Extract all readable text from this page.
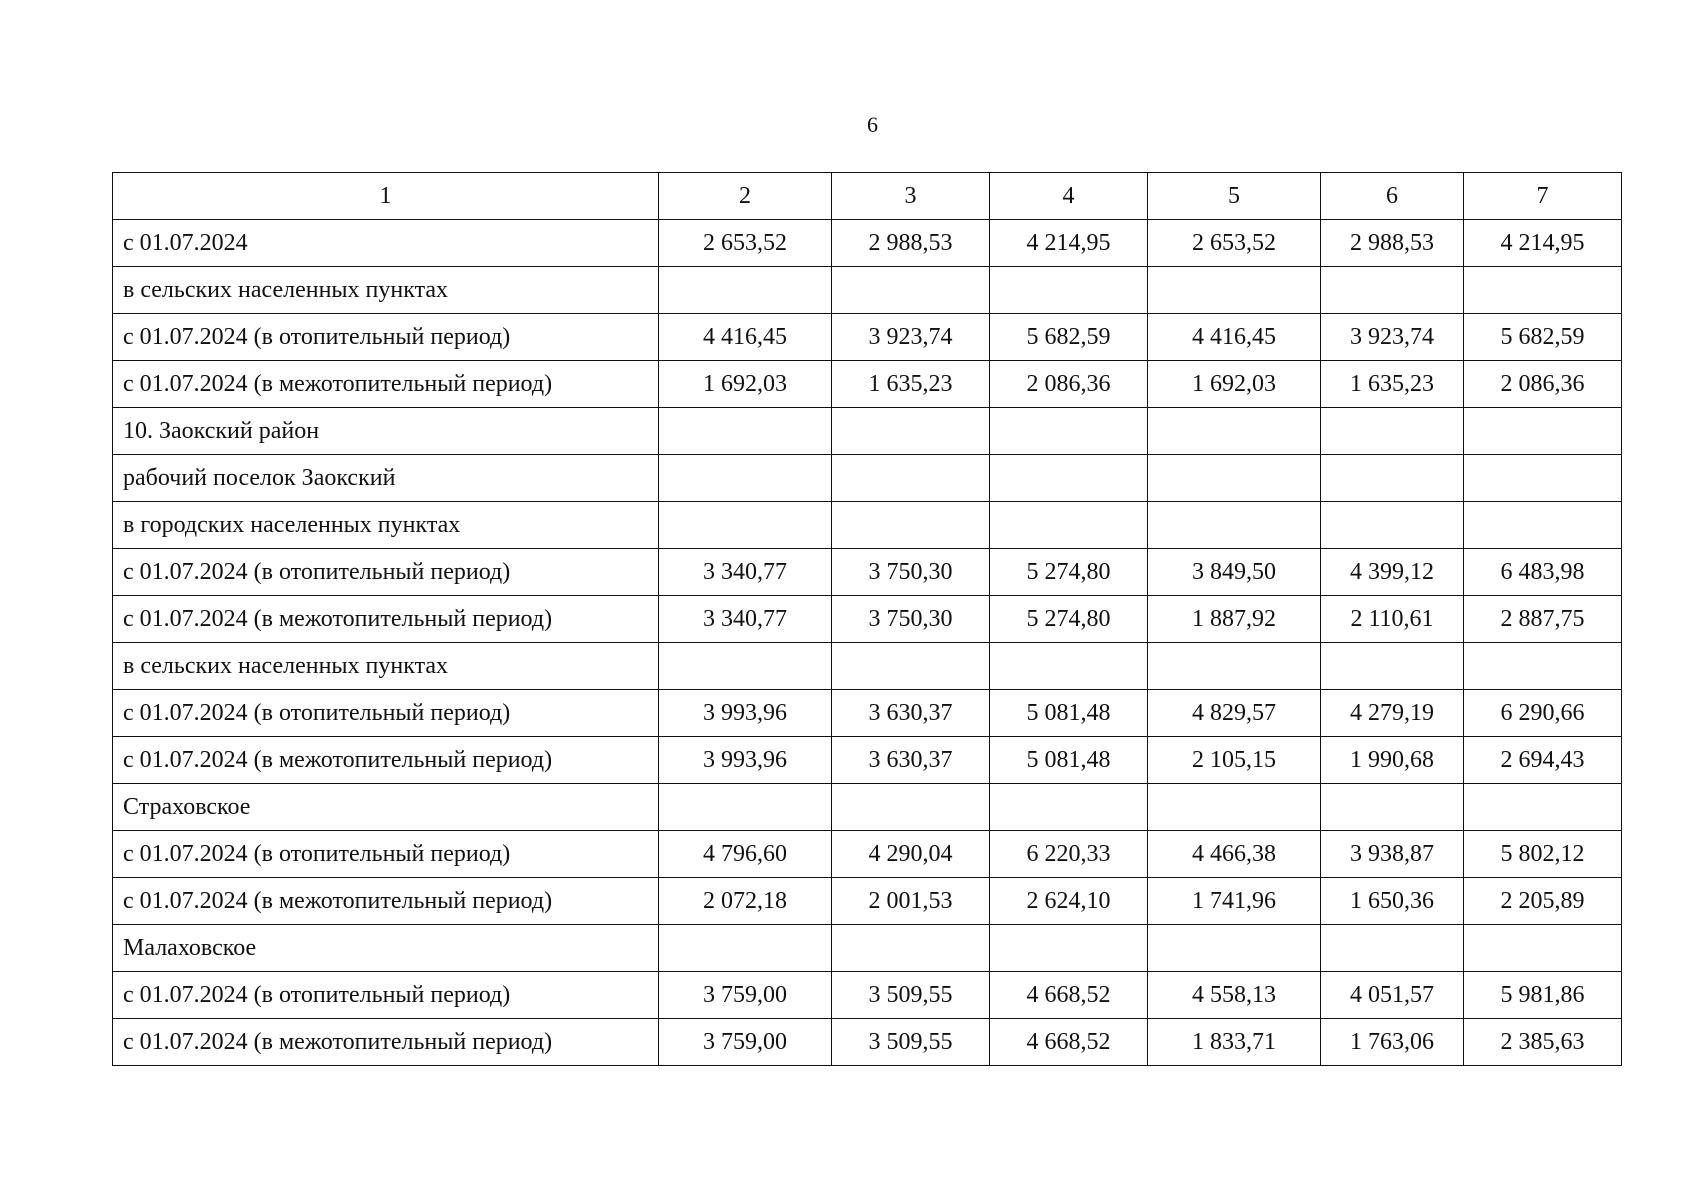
6
1	2	3	4	5	6	7
с 01.07.2024	2 653,52	2 988,53	4 214,95	2 653,52	2 988,53	4 214,95
в сельских населенных пунктах						
с 01.07.2024 (в отопительный период)	4 416,45	3 923,74	5 682,59	4 416,45	3 923,74	5 682,59
с 01.07.2024 (в межотопительный период)	1 692,03	1 635,23	2 086,36	1 692,03	1 635,23	2 086,36
10. Заокский район						
рабочий поселок Заокский						
в городских населенных пунктах						
с 01.07.2024 (в отопительный период)	3 340,77	3 750,30	5 274,80	3 849,50	4 399,12	6 483,98
с 01.07.2024 (в межотопительный период)	3 340,77	3 750,30	5 274,80	1 887,92	2 110,61	2 887,75
в сельских населенных пунктах						
с 01.07.2024 (в отопительный период)	3 993,96	3 630,37	5 081,48	4 829,57	4 279,19	6 290,66
с 01.07.2024 (в межотопительный период)	3 993,96	3 630,37	5 081,48	2 105,15	1 990,68	2 694,43
Страховское						
с 01.07.2024 (в отопительный период)	4 796,60	4 290,04	6 220,33	4 466,38	3 938,87	5 802,12
с 01.07.2024 (в межотопительный период)	2 072,18	2 001,53	2 624,10	1 741,96	1 650,36	2 205,89
Малаховское						
с 01.07.2024 (в отопительный период)	3 759,00	3 509,55	4 668,52	4 558,13	4 051,57	5 981,86
с 01.07.2024 (в межотопительный период)	3 759,00	3 509,55	4 668,52	1 833,71	1 763,06	2 385,63
